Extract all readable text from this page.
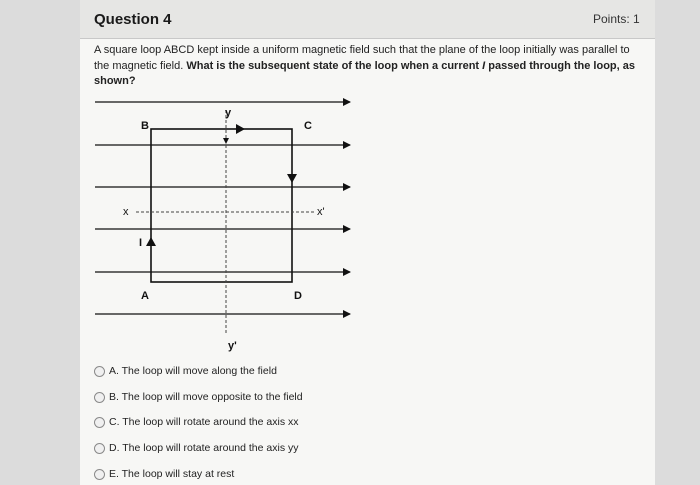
Question 4	Points: 1
A square loop ABCD kept inside a uniform magnetic field such that the plane of the loop initially was parallel to the magnetic field. What is the subsequent state of the loop when a current I passed through the loop, as shown?
y
y'
x	x'
I
A
B	C
D
A. The loop will move along the field
B. The loop will move opposite to the field
C. The loop will rotate around the axis xx
D. The loop will rotate around the axis yy
E. The loop will stay at rest
